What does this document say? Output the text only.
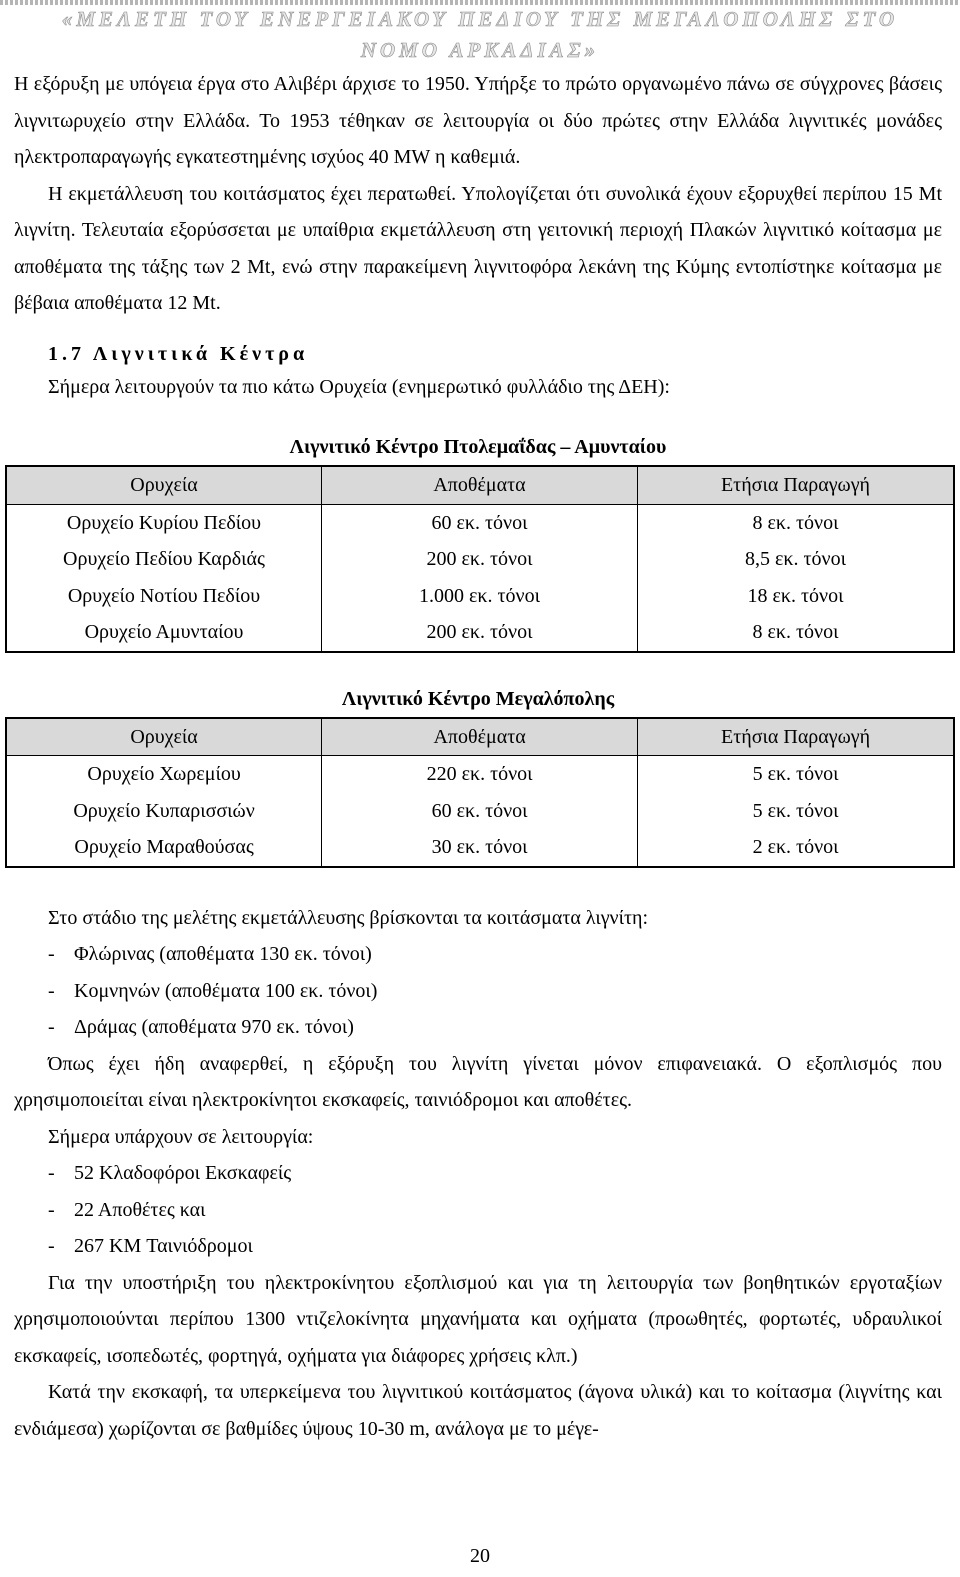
«ΜΕΛΕΤΗ ΤΟΥ ΕΝΕΡΓΕΙΑΚΟΥ ΠΕΔΙΟΥ ΤΗΣ ΜΕΓΑΛΟΠΟΛΗΣ ΣΤΟ ΝΟΜΟ ΑΡΚΑΔΙΑΣ»

Η εξόρυξη με υπόγεια έργα στο Αλιβέρι άρχισε το 1950. Υπήρξε το πρώτο οργανωμένο πάνω σε σύγχρονες βάσεις λιγνιτωρυχείο στην Ελλάδα. Το 1953 τέθηκαν σε λειτουργία οι δύο πρώτες στην Ελλάδα λιγνιτικές μονάδες ηλεκτροπαραγωγής εγκατεστημένης ισχύος 40 MW η καθεμιά.

Η εκμετάλλευση του κοιτάσματος έχει περατωθεί. Υπολογίζεται ότι συνολικά έχουν εξορυχθεί περίπου 15 Mt λιγνίτη. Τελευταία εξορύσσεται με υπαίθρια εκμετάλλευση στη γειτονική περιοχή Πλακών λιγνιτικό κοίτασμα με αποθέματα της τάξης των 2 Mt, ενώ στην παρακείμενη λιγνιτοφόρα λεκάνη της Κύμης εντοπίστηκε κοίτασμα με βέβαια αποθέματα 12 Mt.

1.7 Λιγνιτικά Κέντρα

Σήμερα λειτουργούν τα πιο κάτω Ορυχεία (ενημερωτικό φυλλάδιο της ΔΕΗ):

Λιγνιτικό Κέντρο Πτολεμαΐδας – Αμυνταίου
Ορυχεία	Αποθέματα	Ετήσια Παραγωγή
Ορυχείο Κυρίου Πεδίου	60 εκ. τόνοι	8 εκ. τόνοι
Ορυχείο Πεδίου Καρδιάς	200 εκ. τόνοι	8,5 εκ. τόνοι
Ορυχείο Νοτίου Πεδίου	1.000 εκ. τόνοι	18 εκ. τόνοι
Ορυχείο Αμυνταίου	200 εκ. τόνοι	8 εκ. τόνοι
Λιγνιτικό Κέντρο Μεγαλόπολης
Ορυχεία	Αποθέματα	Ετήσια Παραγωγή
Ορυχείο Χωρεμίου	220 εκ. τόνοι	5 εκ. τόνοι
Ορυχείο Κυπαρισσιών	60 εκ. τόνοι	5 εκ. τόνοι
Ορυχείο Μαραθούσας	30 εκ. τόνοι	2 εκ. τόνοι

Στο στάδιο της μελέτης εκμετάλλευσης βρίσκονται τα κοιτάσματα λιγνίτη:

- Φλώρινας (αποθέματα 130 εκ. τόνοι)
- Κομνηνών (αποθέματα 100 εκ. τόνοι)
- Δράμας (αποθέματα 970 εκ. τόνοι)

Όπως έχει ήδη αναφερθεί, η εξόρυξη του λιγνίτη γίνεται μόνον επιφανειακά. Ο εξοπλισμός που χρησιμοποιείται είναι ηλεκτροκίνητοι εκσκαφείς, ταινιόδρομοι και αποθέτες.

Σήμερα υπάρχουν σε λειτουργία:

- 52 Κλαδοφόροι Εκσκαφείς
- 22 Αποθέτες και
- 267 KM Ταινιόδρομοι

Για την υποστήριξη του ηλεκτροκίνητου εξοπλισμού και για τη λειτουργία των βοηθητικών εργοταξίων χρησιμοποιούνται περίπου 1300 ντιζελοκίνητα μηχανήματα και οχήματα (προωθητές, φορτωτές, υδραυλικοί εκσκαφείς, ισοπεδωτές, φορτηγά, οχήματα για διάφορες χρήσεις κλπ.)

Κατά την εκσκαφή, τα υπερκείμενα του λιγνιτικού κοιτάσματος (άγονα υλικά) και το κοίτασμα (λιγνίτης και ενδιάμεσα) χωρίζονται σε βαθμίδες ύψους 10-30 m, ανάλογα με το μέγε-

20
